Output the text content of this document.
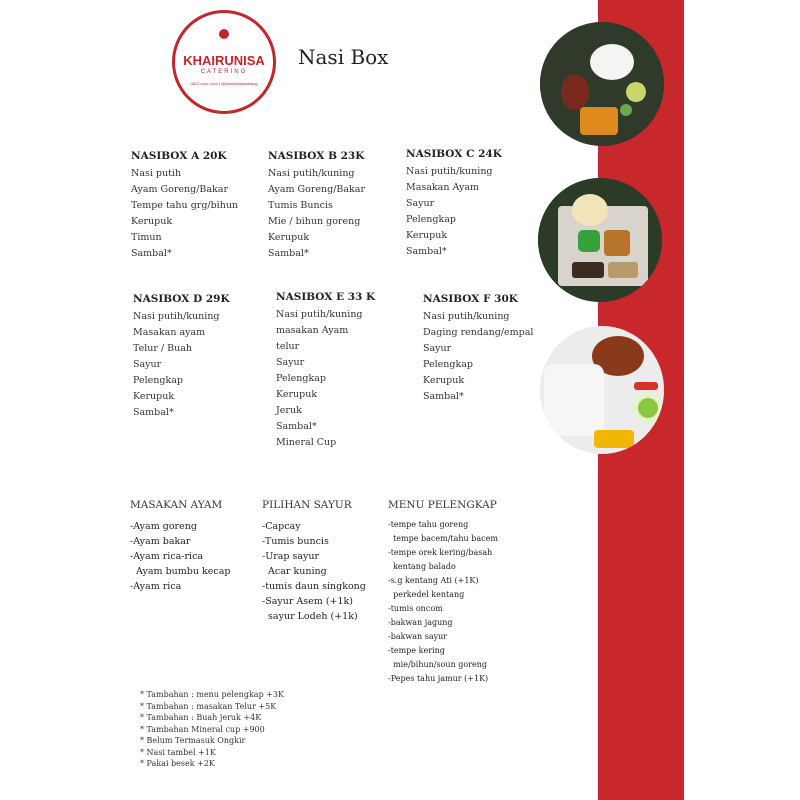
KHAIRUNISA
CATERING
0812-xxxx-xxxx | @khairunisacatering
Nasi Box
NASIBOX A 20K
Nasi putih
Ayam Goreng/Bakar
Tempe tahu grg/bihun
Kerupuk
Timun
Sambal*
NASIBOX B 23K
Nasi putih/kuning
Ayam Goreng/Bakar
Tumis Buncis
Mie / bihun goreng
Kerupuk
Sambal*
NASIBOX C 24K
Nasi putih/kuning
Masakan Ayam
Sayur
Pelengkap
Kerupuk
Sambal*
NASIBOX D 29K
Nasi putih/kuning
Masakan ayam
Telur / Buah
Sayur
Pelengkap
Kerupuk
Sambal*
NASIBOX E 33 K
Nasi putih/kuning
masakan Ayam
telur
Sayur
Pelengkap
Kerupuk
Jeruk
Sambal*
Mineral Cup
NASIBOX F 30K
Nasi putih/kuning
Daging rendang/empal
Sayur
Pelengkap
Kerupuk
Sambal*
MASAKAN AYAM
-Ayam goreng
-Ayam bakar
-Ayam rica-rica
Ayam bumbu kecap
-Ayam rica
PILIHAN SAYUR
-Capcay
-Tumis buncis
-Urap sayur
Acar kuning
-tumis daun singkong
-Sayur Asem (+1k)
sayur Lodeh (+1k)
MENU PELENGKAP
-tempe tahu goreng
tempe bacem/tahu bacem
-tempe orek kering/basah
kentang balado
-s.g kentang Ati (+1K)
perkedel kentang
-tumis oncom
-bakwan jagung
-bakwan sayur
-tempe kering
mie/bihun/soun goreng
-Pepes tahu jamur (+1K)
* Tambahan : menu pelengkap +3K
* Tambahan : masakan Telur +5K
* Tambahan : Buah jeruk +4K
* Tambahan Mineral cup +900
* Belum Termasuk Ongkir
* Nasi tambel +1K
* Pakai besek +2K
